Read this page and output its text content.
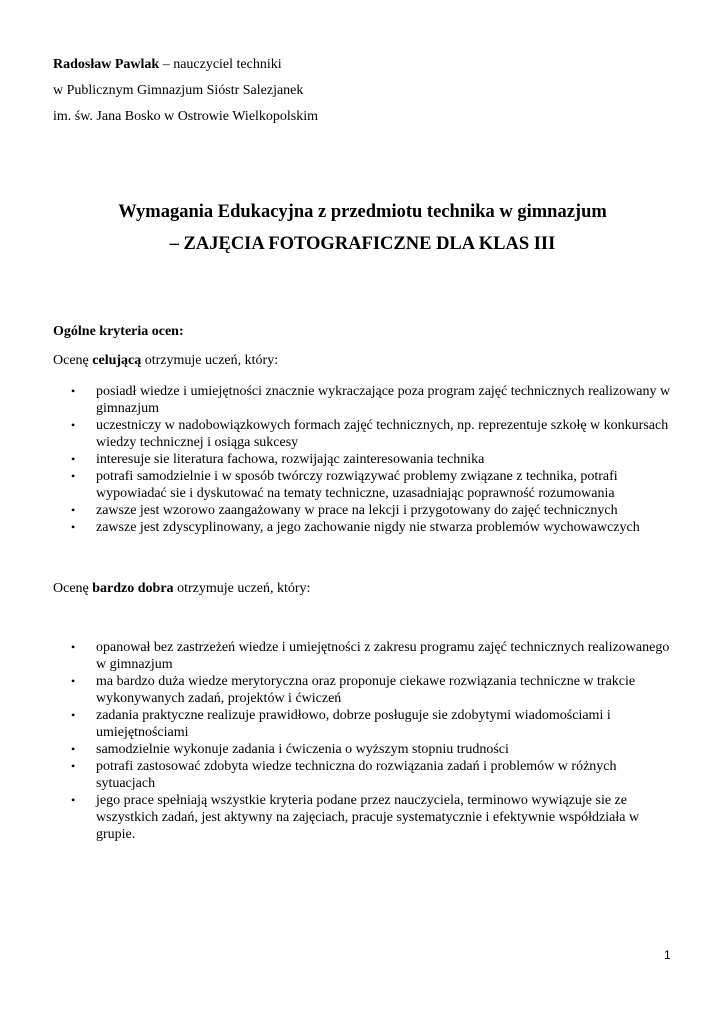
Radosław Pawlak – nauczyciel techniki
w Publicznym Gimnazjum Sióstr Salezjanek
im. św. Jana Bosko w Ostrowie Wielkopolskim
Wymagania Edukacyjna z przedmiotu technika w gimnazjum
– ZAJĘCIA FOTOGRAFICZNE DLA KLAS III
Ogólne kryteria ocen:
Ocenę celującą otrzymuje uczeń, który:
• posiadł wiedze i umiejętności znacznie wykraczające poza program zajęć technicznych realizowany w gimnazjum
• uczestniczy w nadobowiązkowych formach zajęć technicznych, np. reprezentuje szkołę w konkursach wiedzy technicznej i osiąga sukcesy
• interesuje sie literatura fachowa, rozwijając zainteresowania technika
• potrafi samodzielnie i w sposób twórczy rozwiązywać problemy związane z technika, potrafi wypowiadać sie i dyskutować na tematy techniczne, uzasadniając poprawność rozumowania
• zawsze jest wzorowo zaangażowany w prace na lekcji i przygotowany do zajęć technicznych
• zawsze jest zdyscyplinowany, a jego zachowanie nigdy nie stwarza problemów wychowawczych
Ocenę bardzo dobra otrzymuje uczeń, który:
• opanował bez zastrzeżeń wiedze i umiejętności z zakresu programu zajęć technicznych realizowanego w gimnazjum
• ma bardzo duża wiedze merytoryczna oraz proponuje ciekawe rozwiązania techniczne w trakcie wykonywanych zadań, projektów i ćwiczeń
• zadania praktyczne realizuje prawidłowo, dobrze posługuje sie zdobytymi wiadomościami i umiejętnościami
• samodzielnie wykonuje zadania i ćwiczenia o wyższym stopniu trudności
• potrafi zastosować zdobyta wiedze techniczna do rozwiązania zadań i problemów w różnych sytuacjach
• jego prace spełniają wszystkie kryteria podane przez nauczyciela, terminowo wywiązuje sie ze wszystkich zadań, jest aktywny na zajęciach, pracuje systematycznie i efektywnie współdziała w grupie.
1
